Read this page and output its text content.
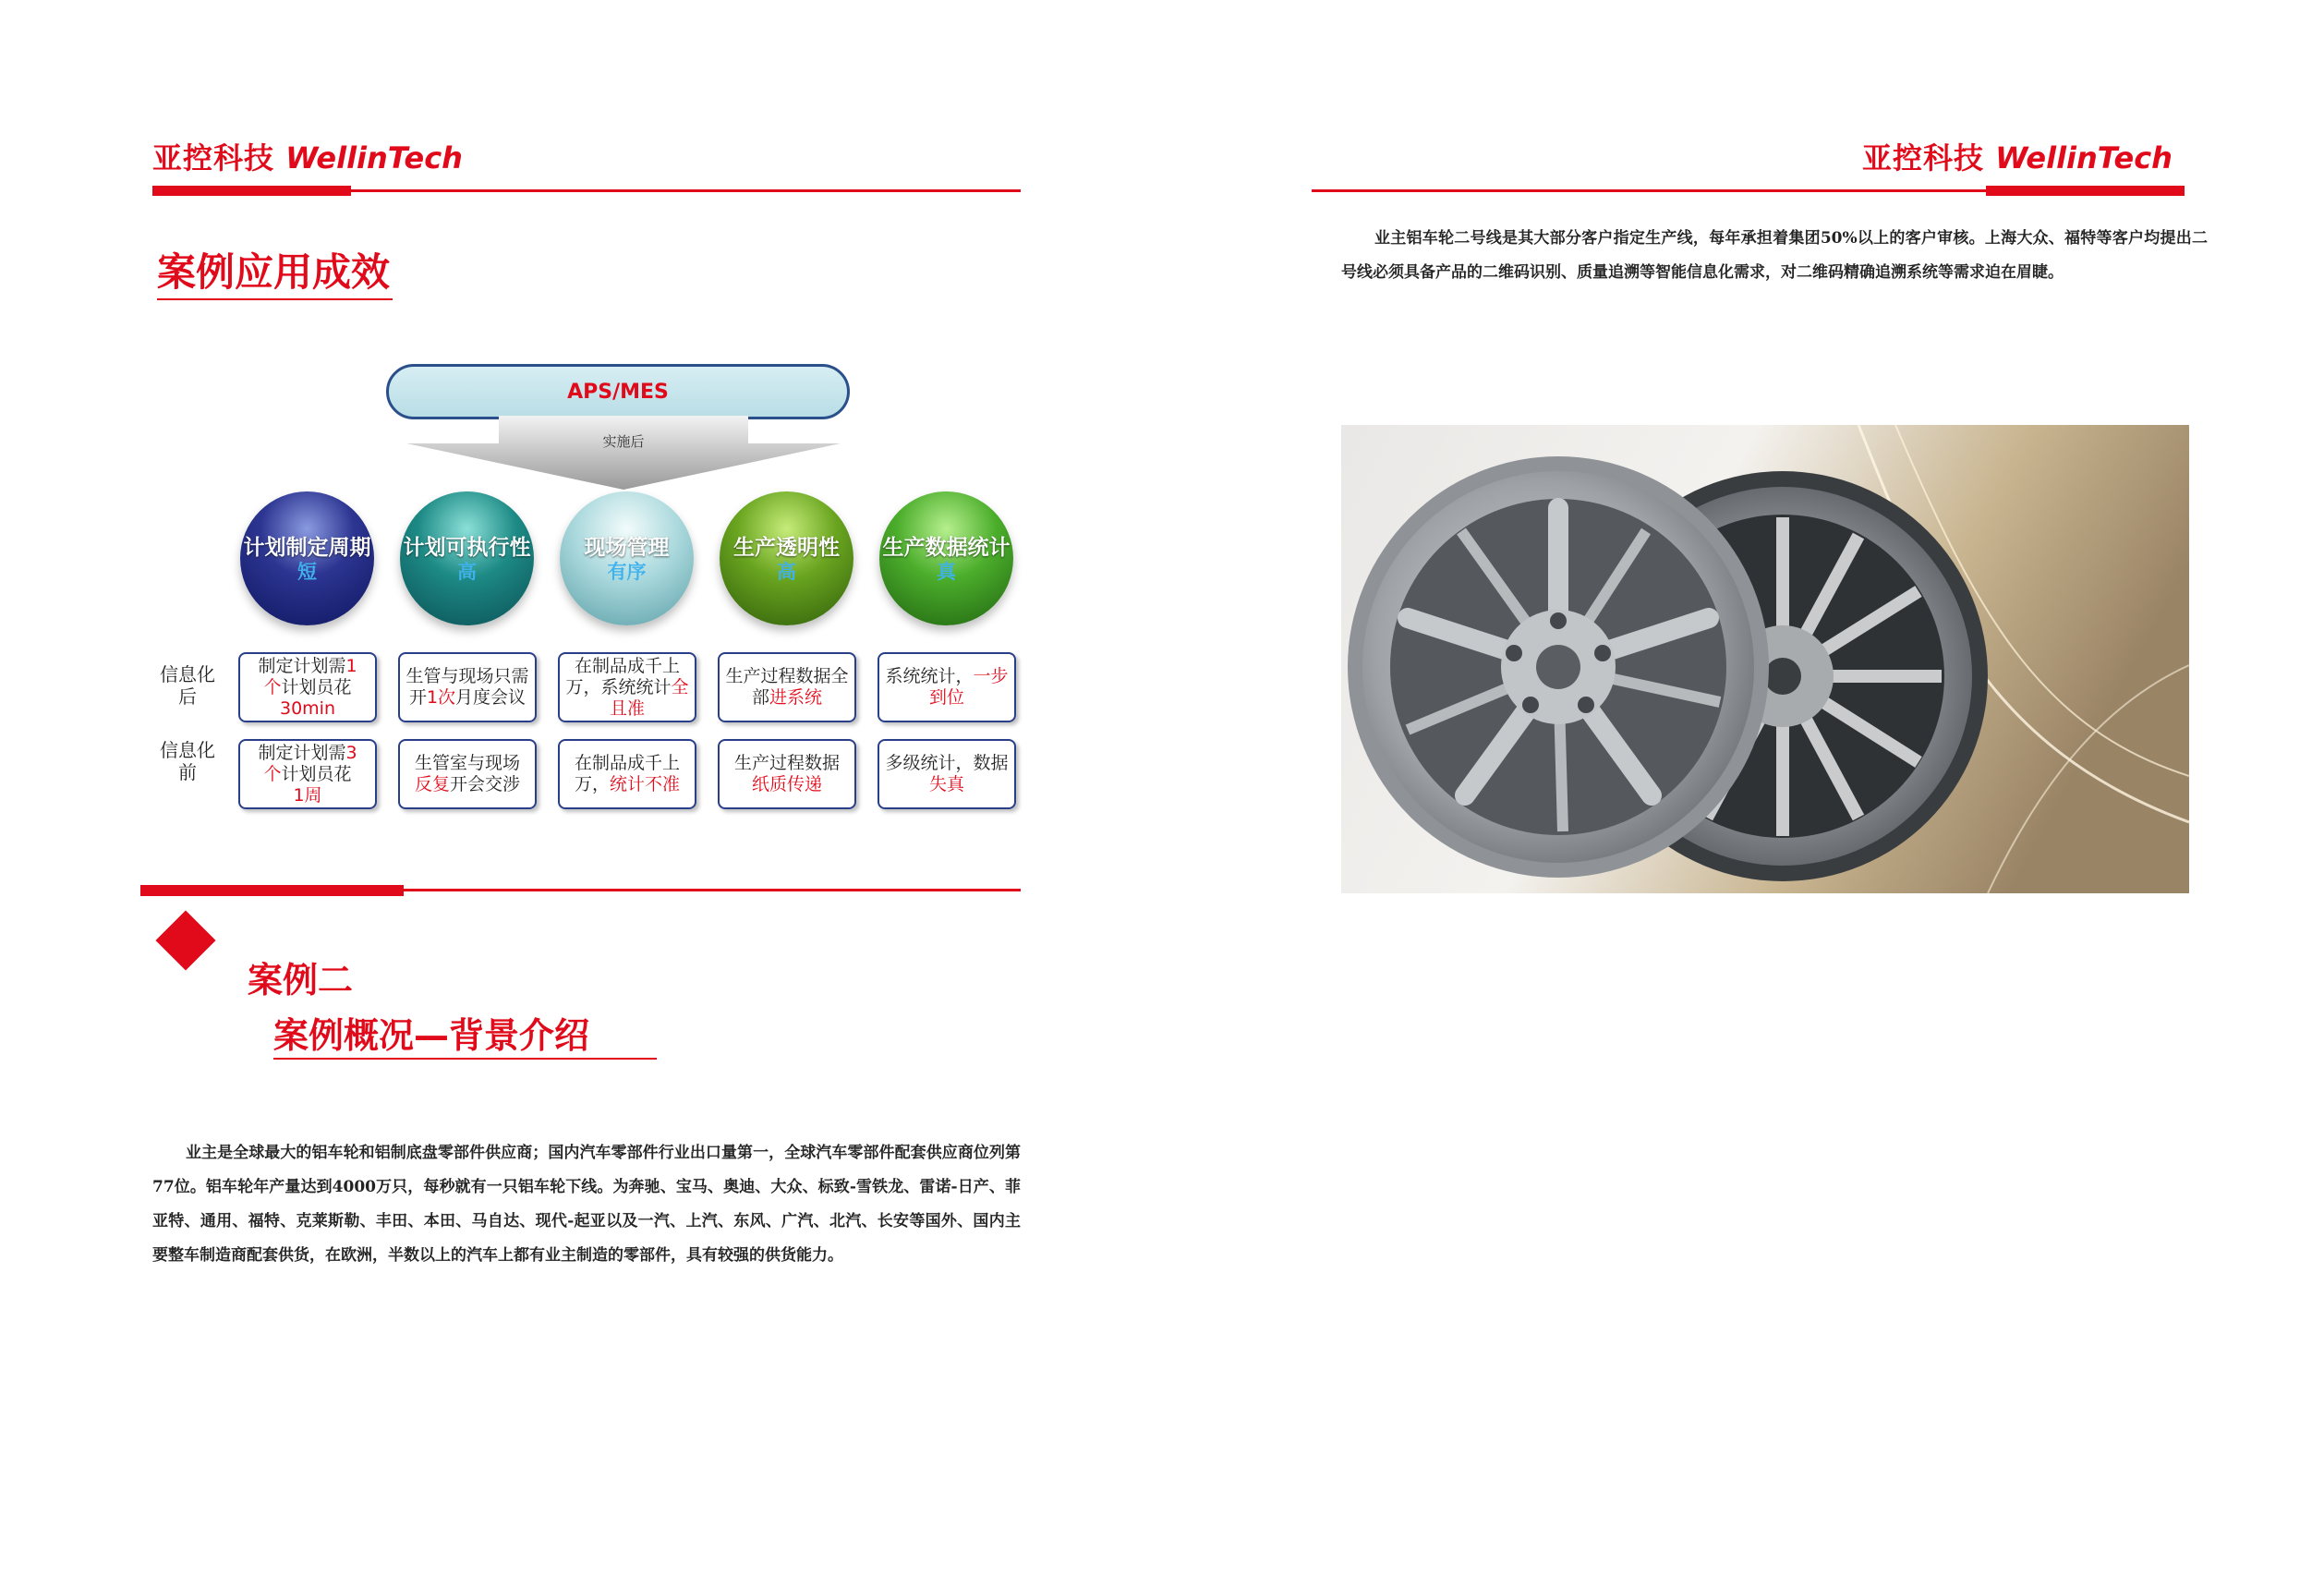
亚控科技 WellinTech
案例应用成效
APS/MES
实施后
计划制定周期
短
计划可执行性
高
现场管理
有序
生产透明性
高
生产数据统计
真
信息化后
信息化前
制定计划需1
个计划员花
30min
生管与现场只需开1次月度会议
在制品成千上万，系统统计全且准
生产过程数据全部进系统
系统统计，一步到位
制定计划需3
个计划员花
1周
生管室与现场
反复开会交涉
在制品成千上万，统计不准
生产过程数据
纸质传递
多级统计，数据失真
案例二
案例概况—背景介绍
业主是全球最大的铝车轮和铝制底盘零部件供应商；国内汽车零部件行业出口量第一，全球汽车零部件配套供应商位列第77位。铝车轮年产量达到4000万只，每秒就有一只铝车轮下线。为奔驰、宝马、奥迪、大众、标致-雪铁龙、雷诺-日产、菲亚特、通用、福特、克莱斯勒、丰田、本田、马自达、现代-起亚以及一汽、上汽、东风、广汽、北汽、长安等国外、国内主要整车制造商配套供货，在欧洲，半数以上的汽车上都有业主制造的零部件，具有较强的供货能力。
亚控科技 WellinTech
业主铝车轮二号线是其大部分客户指定生产线，每年承担着集团50%以上的客户审核。上海大众、福特等客户均提出二号线必须具备产品的二维码识别、质量追溯等智能信息化需求，对二维码精确追溯系统等需求迫在眉睫。
